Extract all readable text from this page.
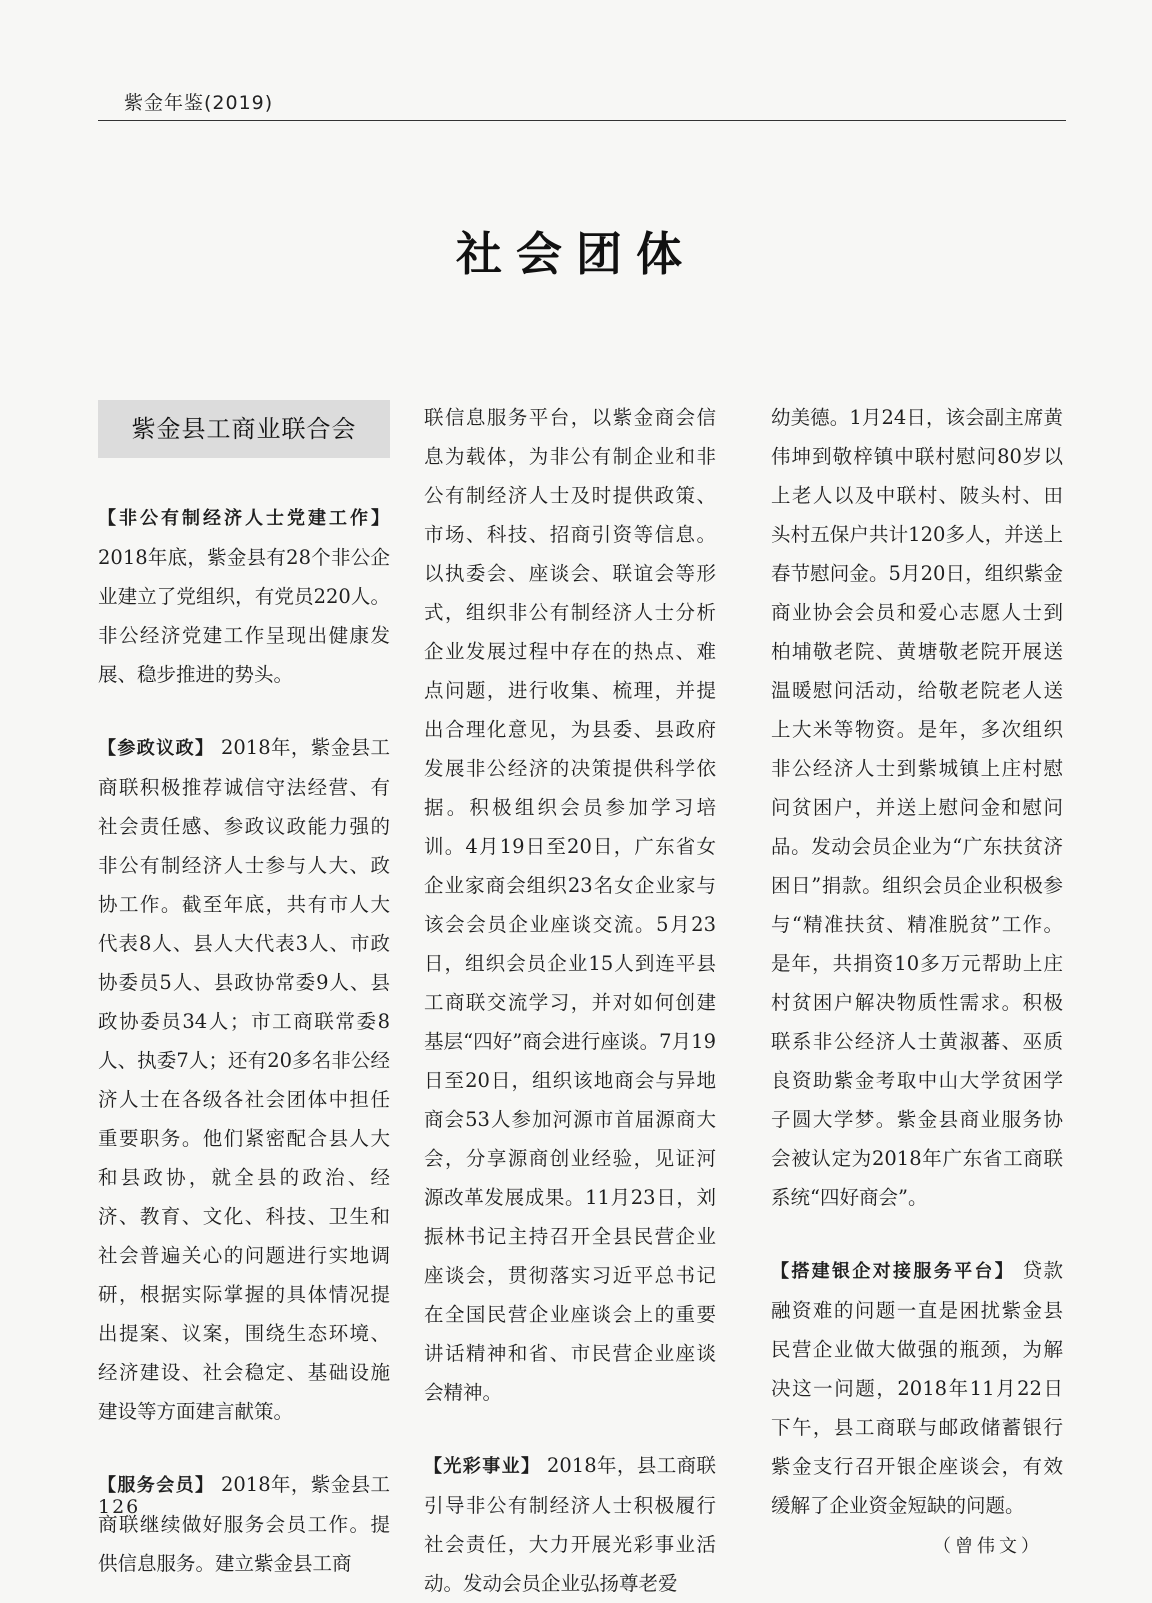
紫金年鉴(2019)
社会团体
紫金县工商业联合会

【非公有制经济人士党建工作】2018年底，紫金县有28个非公企业建立了党组织，有党员220人。非公经济党建工作呈现出健康发展、稳步推进的势头。

【参政议政】 2018年，紫金县工商联积极推荐诚信守法经营、有社会责任感、参政议政能力强的非公有制经济人士参与人大、政协工作。截至年底，共有市人大代表8人、县人大代表3人、市政协委员5人、县政协常委9人、县政协委员34人；市工商联常委8人、执委7人；还有20多名非公经济人士在各级各社会团体中担任重要职务。他们紧密配合县人大和县政协，就全县的政治、经济、教育、文化、科技、卫生和社会普遍关心的问题进行实地调研，根据实际掌握的具体情况提出提案、议案，围绕生态环境、经济建设、社会稳定、基础设施建设等方面建言献策。

【服务会员】 2018年，紫金县工商联继续做好服务会员工作。提供信息服务。建立紫金县工商

联信息服务平台，以紫金商会信息为载体，为非公有制企业和非公有制经济人士及时提供政策、市场、科技、招商引资等信息。以执委会、座谈会、联谊会等形式，组织非公有制经济人士分析企业发展过程中存在的热点、难点问题，进行收集、梳理，并提出合理化意见，为县委、县政府发展非公经济的决策提供科学依据。积极组织会员参加学习培训。4月19日至20日，广东省女企业家商会组织23名女企业家与该会会员企业座谈交流。5月23日，组织会员企业15人到连平县工商联交流学习，并对如何创建基层“四好”商会进行座谈。7月19日至20日，组织该地商会与异地商会53人参加河源市首届源商大会，分享源商创业经验，见证河源改革发展成果。11月23日，刘振林书记主持召开全县民营企业座谈会，贯彻落实习近平总书记在全国民营企业座谈会上的重要讲话精神和省、市民营企业座谈会精神。

【光彩事业】 2018年，县工商联引导非公有制经济人士积极履行社会责任，大力开展光彩事业活动。发动会员企业弘扬尊老爱

幼美德。1月24日，该会副主席黄伟坤到敬梓镇中联村慰问80岁以上老人以及中联村、陂头村、田头村五保户共计120多人，并送上春节慰问金。5月20日，组织紫金商业协会会员和爱心志愿人士到柏埔敬老院、黄塘敬老院开展送温暖慰问活动，给敬老院老人送上大米等物资。是年，多次组织非公经济人士到紫城镇上庄村慰问贫困户，并送上慰问金和慰问品。发动会员企业为“广东扶贫济困日”捐款。组织会员企业积极参与“精准扶贫、精准脱贫”工作。是年，共捐资10多万元帮助上庄村贫困户解决物质性需求。积极联系非公经济人士黄淑蕃、巫质良资助紫金考取中山大学贫困学子圆大学梦。紫金县商业服务协会被认定为2018年广东省工商联系统“四好商会”。

【搭建银企对接服务平台】 贷款融资难的问题一直是困扰紫金县民营企业做大做强的瓶颈，为解决这一问题，2018年11月22日下午，县工商联与邮政储蓄银行紫金支行召开银企座谈会，有效缓解了企业资金短缺的问题。

（曾伟文）
126
